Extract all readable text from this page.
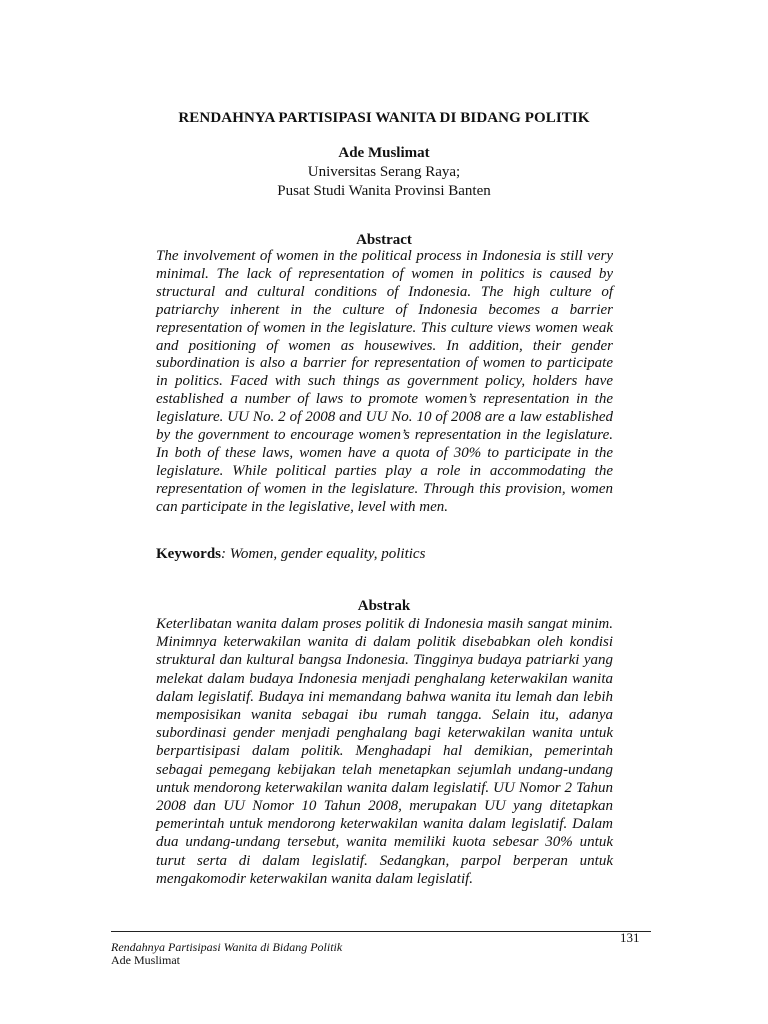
RENDAHNYA PARTISIPASI WANITA DI BIDANG POLITIK
Ade Muslimat
Universitas Serang Raya;
Pusat Studi Wanita Provinsi Banten
Abstract

The involvement of women in the political process in Indonesia is still very minimal. The lack of representation of women in politics is caused by structural and cultural conditions of Indonesia. The high culture of patriarchy inherent in the culture of Indonesia becomes a barrier representation of women in the legislature. This culture views women weak and positioning of women as housewives. In addition, their gender subordination is also a barrier for representation of women to participate in politics. Faced with such things as government policy, holders have established a number of laws to promote women’s representation in the legislature. UU No. 2 of 2008 and UU No. 10 of 2008 are a law established by the government to encourage women’s representation in the legislature. In both of these laws, women have a quota of 30% to participate in the legislature. While political parties play a role in accommodating the representation of women in the legislature. Through this provision, women can participate in the legislative, level with men.

Keywords: Women, gender equality, politics
Abstrak

Keterlibatan wanita dalam proses politik di Indonesia masih sangat minim. Minimnya keterwakilan wanita di dalam politik disebabkan oleh kondisi struktural dan kultural bangsa Indonesia. Tingginya budaya patriarki yang melekat dalam budaya Indonesia menjadi penghalang keterwakilan wanita dalam legislatif. Budaya ini memandang bahwa wanita itu lemah dan lebih memposisikan wanita sebagai ibu rumah tangga. Selain itu, adanya subordinasi gender menjadi penghalang bagi keterwakilan wanita untuk berpartisipasi dalam politik. Menghadapi hal demikian, pemerintah sebagai pemegang kebijakan telah menetapkan sejumlah undang-undang untuk mendorong keterwakilan wanita dalam legislatif. UU Nomor 2 Tahun 2008 dan UU Nomor 10 Tahun 2008, merupakan UU yang ditetapkan pemerintah untuk mendorong keterwakilan wanita dalam legislatif. Dalam dua undang-undang tersebut, wanita memiliki kuota sebesar 30% untuk turut serta di dalam legislatif. Sedangkan, parpol berperan untuk mengakomodir keterwakilan wanita dalam legislatif.

Rendahnya Partisipasi Wanita di Bidang Politik
Ade Muslimat
131
